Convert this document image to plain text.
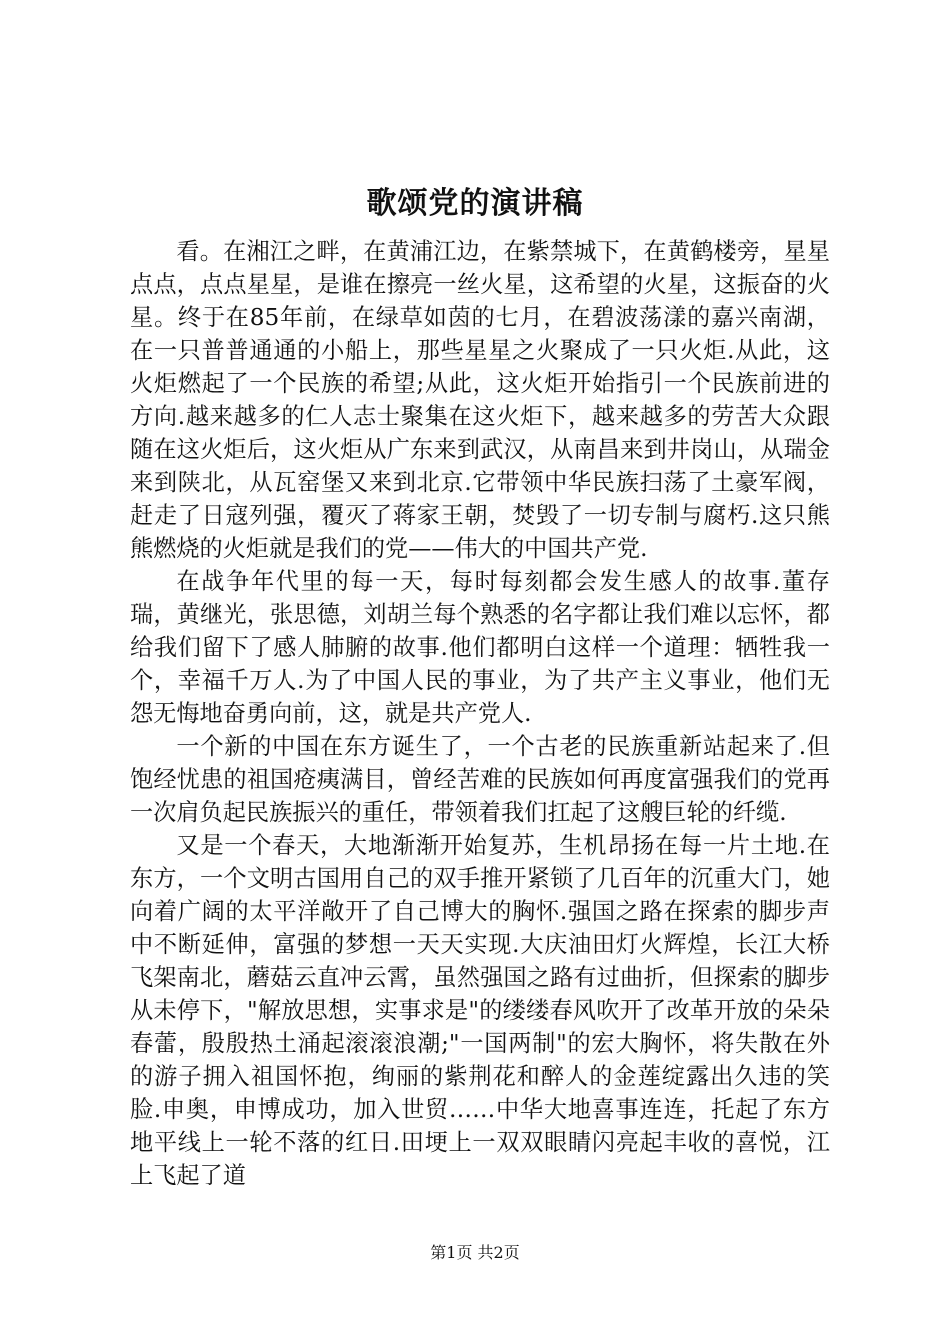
歌颂党的演讲稿

看。在湘江之畔，在黄浦江边，在紫禁城下，在黄鹤楼旁，星星点点，点点星星，是谁在擦亮一丝火星，这希望的火星，这振奋的火星。终于在85年前，在绿草如茵的七月，在碧波荡漾的嘉兴南湖，在一只普普通通的小船上，那些星星之火聚成了一只火炬.从此，这火炬燃起了一个民族的希望;从此，这火炬开始指引一个民族前进的方向.越来越多的仁人志士聚集在这火炬下，越来越多的劳苦大众跟随在这火炬后，这火炬从广东来到武汉，从南昌来到井岗山，从瑞金来到陕北，从瓦窑堡又来到北京.它带领中华民族扫荡了土豪军阀，赶走了日寇列强，覆灭了蒋家王朝，焚毁了一切专制与腐朽.这只熊熊燃烧的火炬就是我们的党——伟大的中国共产党.

在战争年代里的每一天，每时每刻都会发生感人的故事.董存瑞，黄继光，张思德，刘胡兰每个熟悉的名字都让我们难以忘怀，都给我们留下了感人肺腑的故事.他们都明白这样一个道理：牺牲我一个，幸福千万人.为了中国人民的事业，为了共产主义事业，他们无怨无悔地奋勇向前，这，就是共产党人.

一个新的中国在东方诞生了，一个古老的民族重新站起来了.但饱经忧患的祖国疮痍满目，曾经苦难的民族如何再度富强我们的党再一次肩负起民族振兴的重任，带领着我们扛起了这艘巨轮的纤缆.

又是一个春天，大地渐渐开始复苏，生机昂扬在每一片土地.在东方，一个文明古国用自己的双手推开紧锁了几百年的沉重大门，她向着广阔的太平洋敞开了自己博大的胸怀.强国之路在探索的脚步声中不断延伸，富强的梦想一天天实现.大庆油田灯火辉煌，长江大桥飞架南北，蘑菇云直冲云霄，虽然强国之路有过曲折，但探索的脚步从未停下，"解放思想，实事求是"的缕缕春风吹开了改革开放的朵朵春蕾，殷殷热土涌起滚滚浪潮;"一国两制"的宏大胸怀，将失散在外的游子拥入祖国怀抱，绚丽的紫荆花和醉人的金莲绽露出久违的笑脸.申奥，申博成功，加入世贸……中华大地喜事连连，托起了东方地平线上一轮不落的红日.田埂上一双双眼睛闪亮起丰收的喜悦，江上飞起了道

第1页 共2页
